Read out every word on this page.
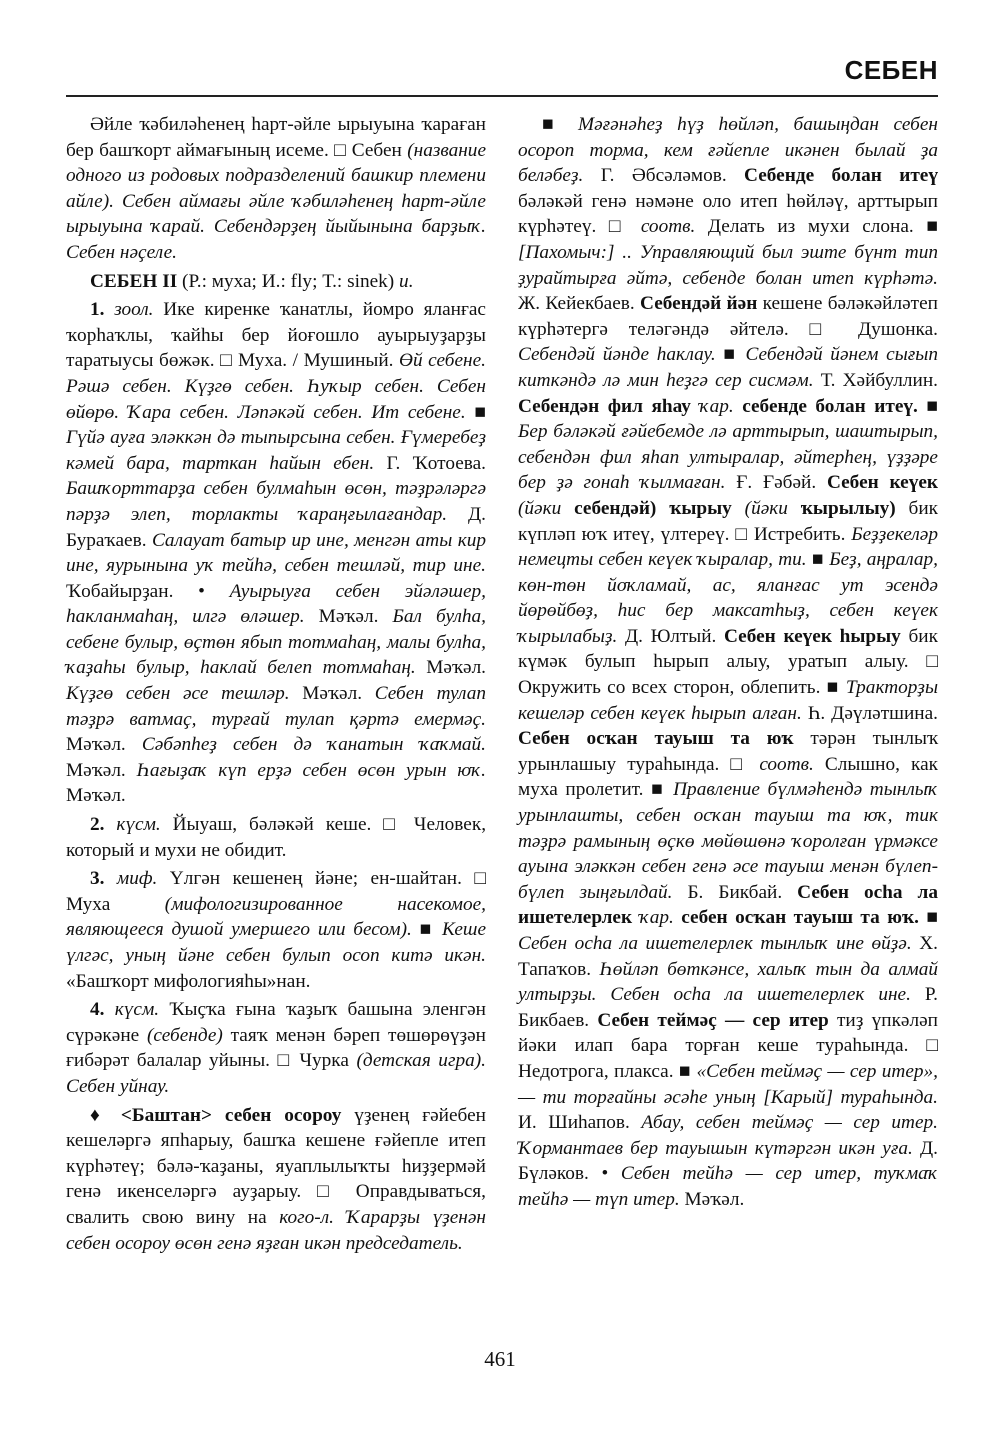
СЕБЕН

Әйле ҡәбиләһенең һарт-әйле ырыуына ҡараған бер башҡорт аймағының исеме. □ Себен (название одного из родовых подразделений башкир племени айле). Себен аймағы әйле ҡәбиләһенең һарт-әйле ырыуына ҡарай. Себендәрҙең йыйынына барҙыҡ. Себен нәҫеле.

СЕБЕН II (Р.: муха; И.: fly; Т.: sinek) и.

1. зоол. Ике киренке ҡанатлы, йомро яланғас ҡорһаҡлы, ҡайһы бер йоғошло ауырыуҙарҙы таратыусы бөжәк. □ Муха. / Мушиный. Өй себене. Рәшә себен. Күҙгө себен. Һуҡыр себен. Себен өйөрө. Ҡара себен. Ләпәкәй себен. Ит себене. ■ Гүйә ауға эләккән дә тыпырсына себен. Ғүмеребеҙ кәмей бара, тарткан һайын ебен. Г. Ҡотоева. Башҡорттарҙа себен булмаһын өсөн, тәҙрәләргә пәрҙә элеп, торлакты ҡараңғылағандар. Д. Бураҡаев. Салауат батыр ир ине, менгән аты кир ине, яурынына уҡ тейһә, себен тешләй, тир ине. Ҡобайырҙан. • Ауырыуға себен эйәләшер, һакланмаһаң, илгә өләшер. Мәҡәл. Бал булһа, себене булыр, өҫтөн ябып тотмаһаң, малы булһа, ҡаҙаһы булыр, һаклай белеп тотмаһаң. Мәҡәл. Күҙгө себен әсе тешләр. Мәҡәл. Себен тулап тәҙрә ватмаҫ, турғай тулап қәртә емермәҫ. Мәҡәл. Сәбәпһеҙ себен дә ҡанатын ҡаҡмай. Мәҡәл. Һағыҙаҡ күп ерҙә себен өсөн урын юҡ. Мәҡәл.

2. күсм. Йыуаш, бәләкәй кеше. □ Человек, который и мухи не обидит.

3. миф. Үлгән кешенең йәне; ен-шайтан. □ Муха (мифологизированное насекомое, являющееся душой умершего или бесом). ■ Кеше үлгәс, уның йәне себен булып осоп китә икән. «Башҡорт мифологияһы»нан.

4. күсм. Ҡыҫҡа ғына ҡаҙыҡ башына эленгән сүрәкәне (себенде) таяҡ менән бәреп төшөрөүҙән ғибәрәт балалар уйыны. □ Чурка (детская игра). Себен уйнау.

♦ <Баштан> себен осороу үҙенең ғәйебен кешеләргә япһарыу, башҡа кешене ғәйепле итеп күрһәтеү; бәлә-ҡаҙаны, яуаплылыҡты һиҙҙермәй генә икенселәргә ауҙарыу. □ Оправдываться, свалить свою вину на кого-л. Ҡарарҙы үҙенән себен осороу өсөн генә яҙған икән председатель.

■ Мәғәнәһеҙ һүҙ һөйләп, башыңдан себен осороп торма, кем ғәйепле икәнен былай ҙа беләбеҙ. Г. Әбсәләмов. Себенде болан итеү бәләкәй генә нәмәне оло итеп һөйләү, арттырып күрһәтеү. □ соотв. Делать из мухи слона. ■ [Пахомыч:] .. Управляющий был эште бүнт тип ҙурайтырға әйтә, себенде болан итеп күрһәтә. Ж. Кейекбаев. Себендәй йән кешене бәләкәйләтеп күрһәтергә теләгәндә әйтелә. □ Душонка. Себендәй йәнде һаклау. ■ Себендәй йәнем сығып киткәндә лә мин һеҙгә сер сисмәм. Т. Хәйбуллин. Себендән фил яһау ҡар. себенде болан итеү. ■ Бер бәләкәй ғәйебемде лә арттырып, шаштырып, себендән фил яһап ултыралар, әйтерһең, үҙҙәре бер ҙә гонаһ ҡылмаған. Ғ. Ғәбәй. Себен кеүек (йәки себендәй) ҡырыу (йәки ҡырылыу) бик күпләп юҡ итеү, үлтереү. □ Истребить. Беҙҙекеләр немецты себен кеүек ҡыралар, ти. ■ Беҙ, аңралар, көн-төн йоҡламай, ас, яланғас ут эсендә йөрөйбөҙ, һис бер максатһыҙ, себен кеүек ҡырылабыҙ. Д. Юлтый. Себен кеүек һырыу бик күмәк булып һырып алыу, уратып алыу. □ Окружить со всех сторон, облепить. ■ Тракторҙы кешеләр себен кеүек һырып алған. Һ. Дәүләтшина. Себен осҡан тауыш та юҡ тәрән тынлыҡ урынлашыу тураһында. □ соотв. Слышно, как муха пролетит. ■ Правление бүлмәһендә тынлыҡ урынлашты, себен осҡан тауыш та юҡ, тик тәҙрә рамының өҫкө мөйөшөнә ҡоролған үрмәксе ауына эләккән себен генә әсе тауыш менән бүлеп-бүлеп зыңғылдай. Б. Бикбай. Себен осһа ла ишетелерлек ҡар. себен осҡан тауыш та юҡ. ■ Себен осһа ла ишетелерлек тынлыҡ ине өйҙә. Х. Тапаҡов. Һөйләп бөткәнсе, халыҡ тын да алмай ултырҙы. Себен осһа ла ишетелерлек ине. Р. Бикбаев. Себен теймәҫ — сер итер тиҙ үпкәләп йәки илап бара торған кеше тураһында. □ Недотрога, плакса. ■ «Себен теймәҫ — сер итер», — ти торғайны әсәһе уның [Карый] тураһында. И. Шиһапов. Абау, себен теймәҫ — сер итер. Ҡормантаев бер тауышын күтәргән икән уға. Д. Бүләков. • Себен тейһә — сер итер, туҡмаҡ тейһә — түп итер. Мәҡәл.

461
